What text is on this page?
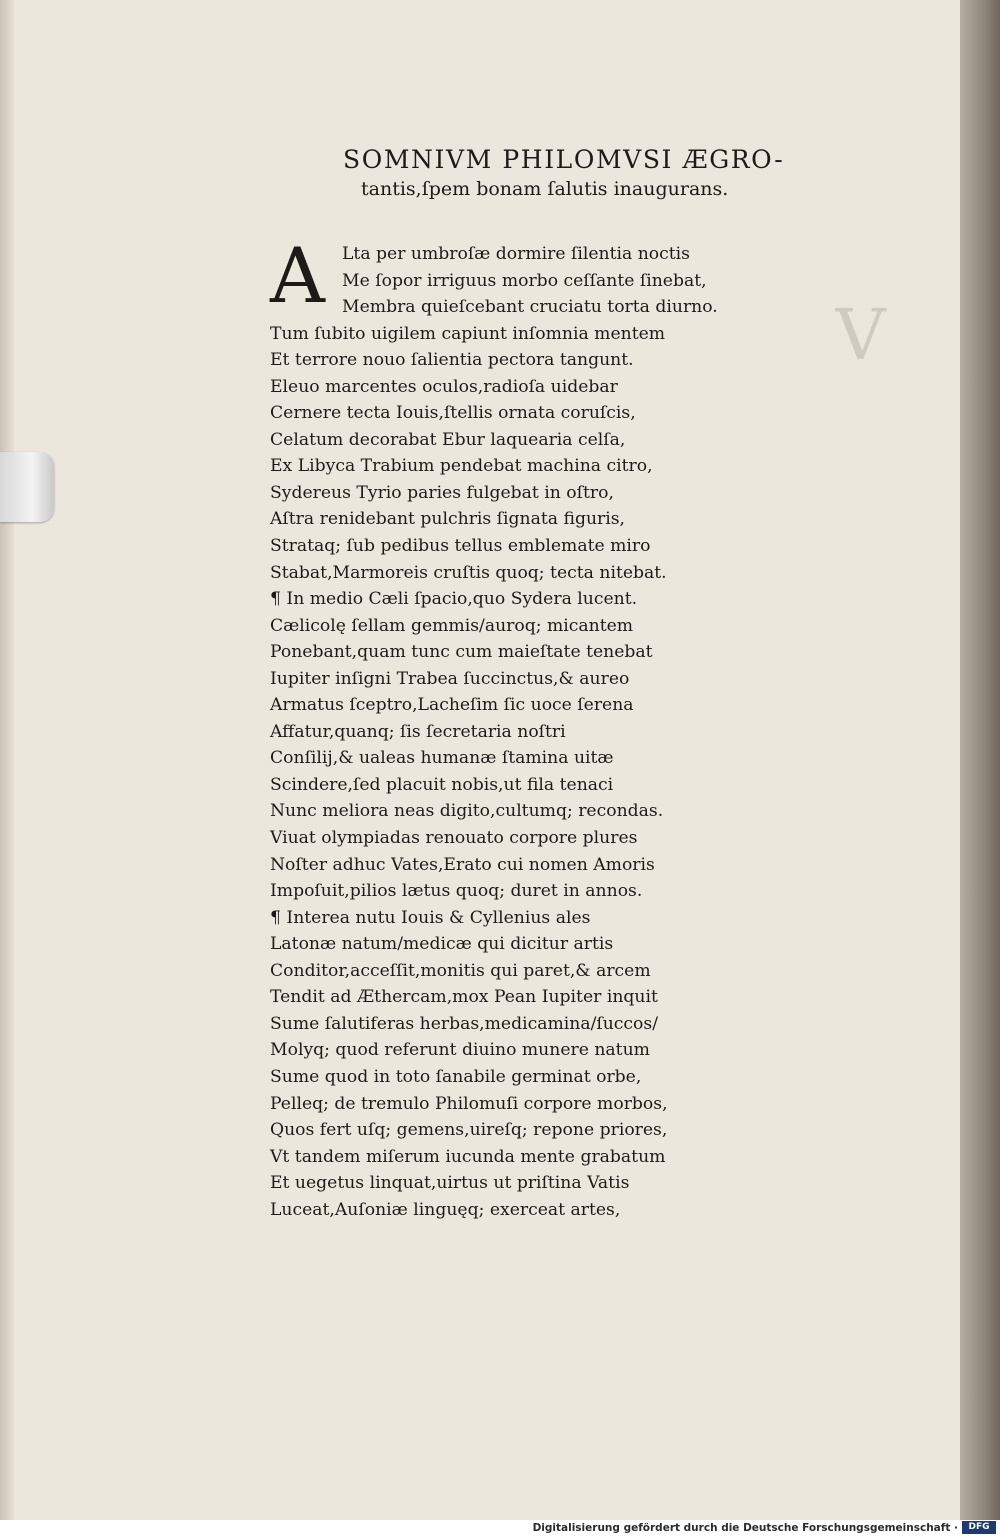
V
SOMNIVM PHILOMVSI ÆGRO-
tantis,ſpem bonam ſalutis inaugurans.
A Lta per umbroſæ dormire ſilentia noctis
Me ſopor irriguus morbo ceſſante ſinebat,
Membra quieſcebant cruciatu torta diurno.
Tum ſubito uigilem capiunt inſomnia mentem
Et terrore nouo ſalientia pectora tangunt.
Eleuo marcentes oculos,radioſa uidebar
Cernere tecta Iouis,ſtellis ornata coruſcis,
Celatum decorabat Ebur laquearia celſa,
Ex Libyca Trabium pendebat machina citro,
Sydereus Tyrio paries fulgebat in oſtro,
Aſtra renidebant pulchris ſignata figuris,
Strataq; ſub pedibus tellus emblemate miro
Stabat,Marmoreis cruſtis quoq; tecta nitebat.
¶ In medio Cæli ſpacio,quo Sydera lucent.
Cælicolę ſellam gemmis/auroq; micantem
Ponebant,quam tunc cum maieſtate tenebat
Iupiter inſigni Trabea ſuccinctus,& aureo
Armatus ſceptro,Lacheſim ſic uoce ſerena
Affatur,quanq; ſis ſecretaria noſtri
Conſilij,& ualeas humanæ ſtamina uitæ
Scindere,ſed placuit nobis,ut fila tenaci
Nunc meliora neas digito,cultumq; recondas.
Viuat olympiadas renouato corpore plures
Noſter adhuc Vates,Erato cui nomen Amoris
Impoſuit,pilios lætus quoq; duret in annos.
¶ Interea nutu Iouis & Cyllenius ales
Latonæ natum/medicæ qui dicitur artis
Conditor,acceſſit,monitis qui paret,& arcem
Tendit ad Æthercam,mox Pean Iupiter inquit
Sume ſalutiferas herbas,medicamina/ſuccos/
Molyq; quod referunt diuino munere natum
Sume quod in toto ſanabile germinat orbe,
Pelleq; de tremulo Philomuſi corpore morbos,
Quos fert uſq; gemens,uireſq; repone priores,
Vt tandem miſerum iucunda mente grabatum
Et uegetus linquat,uirtus ut priſtina Vatis
Luceat,Auſoniæ linguęq; exerceat artes,
Digitalisierung gefördert durch die Deutsche Forschungsgemeinschaft ·	DFG
